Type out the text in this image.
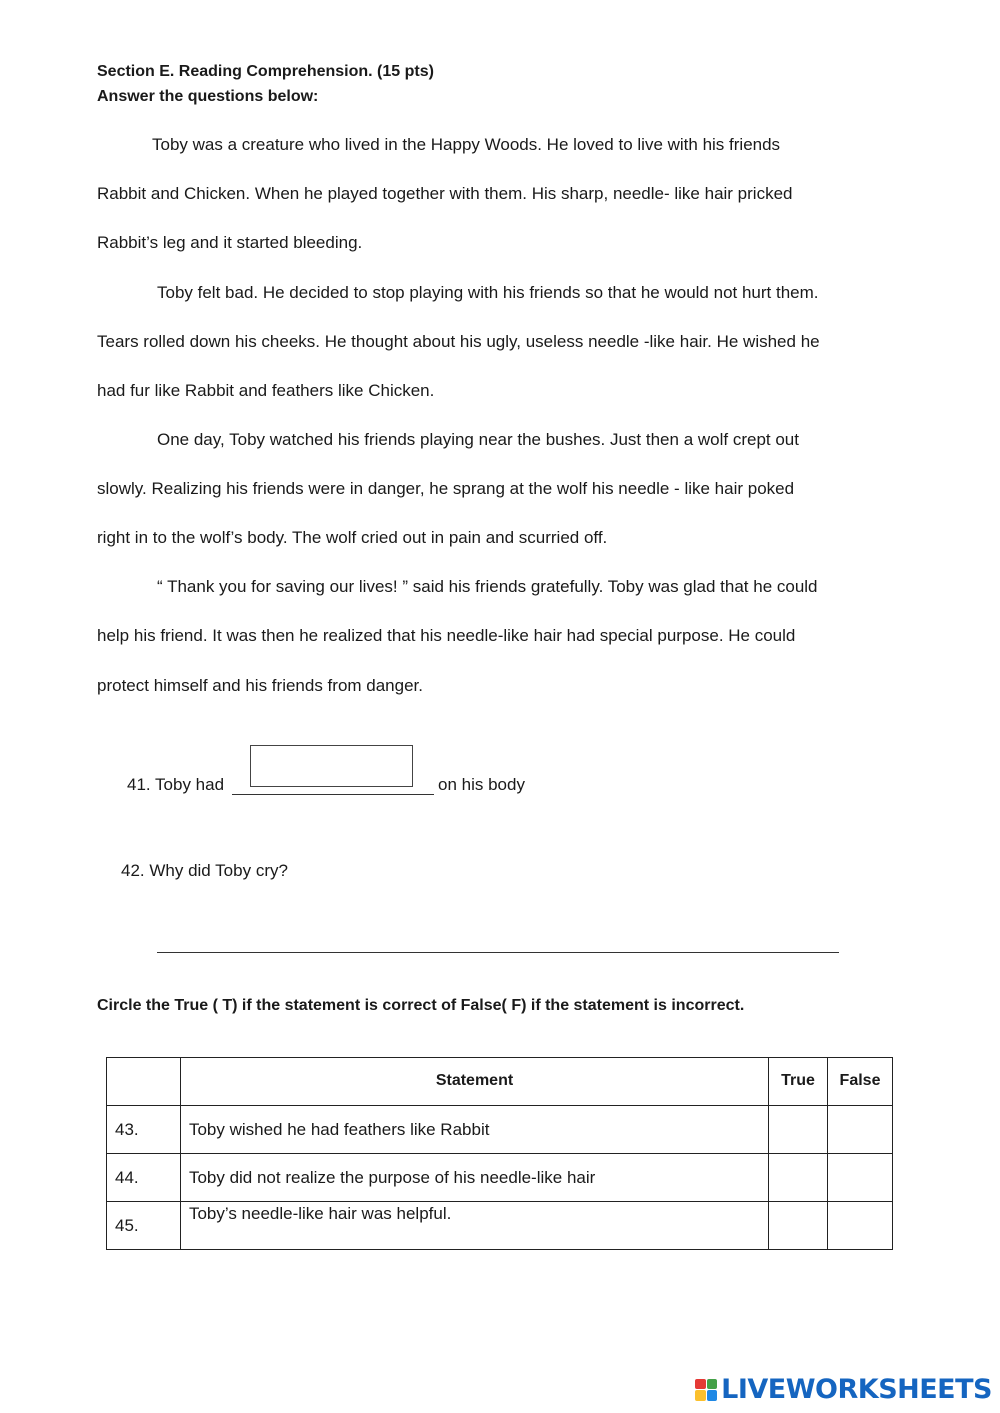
Section E. Reading Comprehension. (15 pts)
Answer the questions below:
Toby was a creature who lived in the Happy Woods. He loved to live with his friends
Rabbit and Chicken. When he played together with them. His sharp, needle- like hair pricked
Rabbit’s leg and it started bleeding.
Toby felt bad. He decided to stop playing with his friends so that he would not hurt them.
Tears rolled down his cheeks. He thought about his ugly, useless needle -like hair. He wished he
had fur like Rabbit and feathers like Chicken.
One day, Toby watched his friends playing near the bushes. Just then a wolf crept out
slowly. Realizing his friends were in danger, he sprang at the wolf his needle - like hair poked
right in to the wolf’s body. The wolf cried out in pain and scurried off.
“ Thank you for saving our lives! ” said his friends gratefully. Toby was glad that he could
help his friend. It was then he realized that his needle-like hair had special purpose. He could
protect himself and his friends from danger.
41. Toby had	on his body
42. Why did Toby cry?
Circle the True ( T) if the statement is correct of False( F) if the statement is incorrect.
	Statement	True	False
43.	Toby wished he had feathers like Rabbit		
44.	Toby did not realize the purpose of his needle-like hair		
45.	Toby’s needle-like hair was helpful.		
LIVEWORKSHEETS
